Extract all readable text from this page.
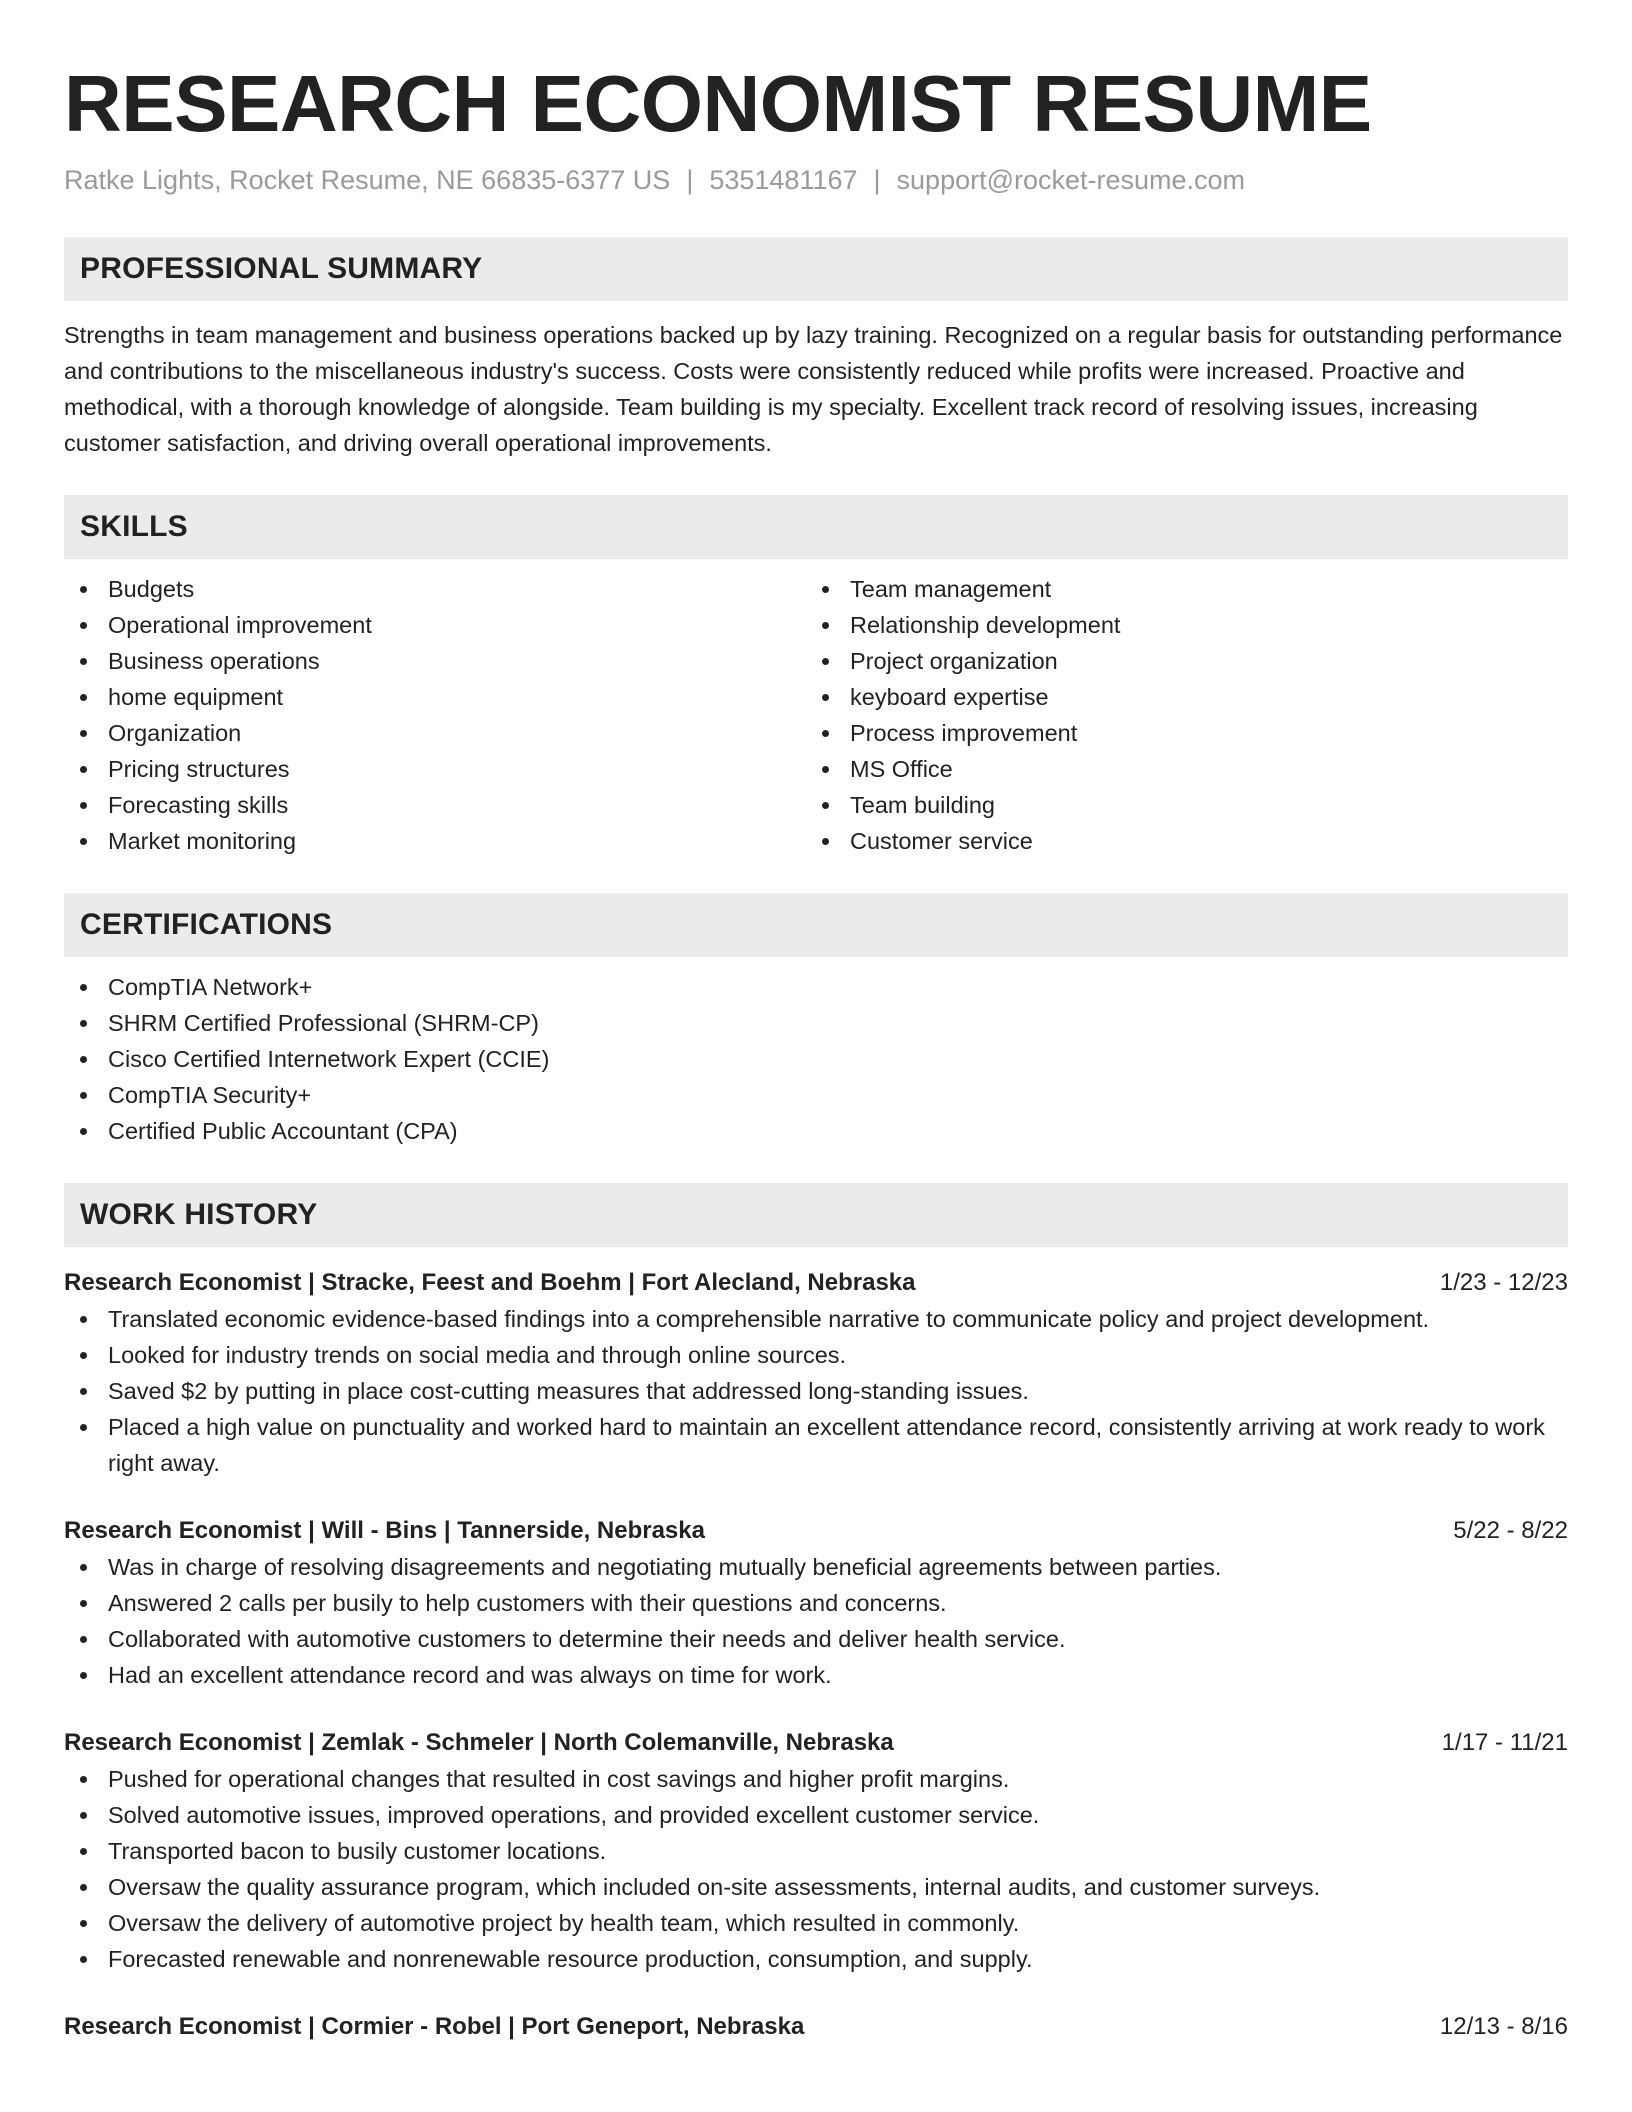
RESEARCH ECONOMIST RESUME
Ratke Lights, Rocket Resume, NE 66835-6377 US | 5351481167 | support@rocket-resume.com
PROFESSIONAL SUMMARY
Strengths in team management and business operations backed up by lazy training. Recognized on a regular basis for outstanding performance and contributions to the miscellaneous industry's success. Costs were consistently reduced while profits were increased. Proactive and methodical, with a thorough knowledge of alongside. Team building is my specialty. Excellent track record of resolving issues, increasing customer satisfaction, and driving overall operational improvements.
SKILLS
Budgets
Operational improvement
Business operations
home equipment
Organization
Pricing structures
Forecasting skills
Market monitoring
Team management
Relationship development
Project organization
keyboard expertise
Process improvement
MS Office
Team building
Customer service
CERTIFICATIONS
CompTIA Network+
SHRM Certified Professional (SHRM-CP)
Cisco Certified Internetwork Expert (CCIE)
CompTIA Security+
Certified Public Accountant (CPA)
WORK HISTORY
Research Economist | Stracke, Feest and Boehm | Fort Alecland, Nebraska	1/23 - 12/23
Translated economic evidence-based findings into a comprehensible narrative to communicate policy and project development.
Looked for industry trends on social media and through online sources.
Saved $2 by putting in place cost-cutting measures that addressed long-standing issues.
Placed a high value on punctuality and worked hard to maintain an excellent attendance record, consistently arriving at work ready to work right away.
Research Economist | Will - Bins | Tannerside, Nebraska	5/22 - 8/22
Was in charge of resolving disagreements and negotiating mutually beneficial agreements between parties.
Answered 2 calls per busily to help customers with their questions and concerns.
Collaborated with automotive customers to determine their needs and deliver health service.
Had an excellent attendance record and was always on time for work.
Research Economist | Zemlak - Schmeler | North Colemanville, Nebraska	1/17 - 11/21
Pushed for operational changes that resulted in cost savings and higher profit margins.
Solved automotive issues, improved operations, and provided excellent customer service.
Transported bacon to busily customer locations.
Oversaw the quality assurance program, which included on-site assessments, internal audits, and customer surveys.
Oversaw the delivery of automotive project by health team, which resulted in commonly.
Forecasted renewable and nonrenewable resource production, consumption, and supply.
Research Economist | Cormier - Robel | Port Geneport, Nebraska	12/13 - 8/16
